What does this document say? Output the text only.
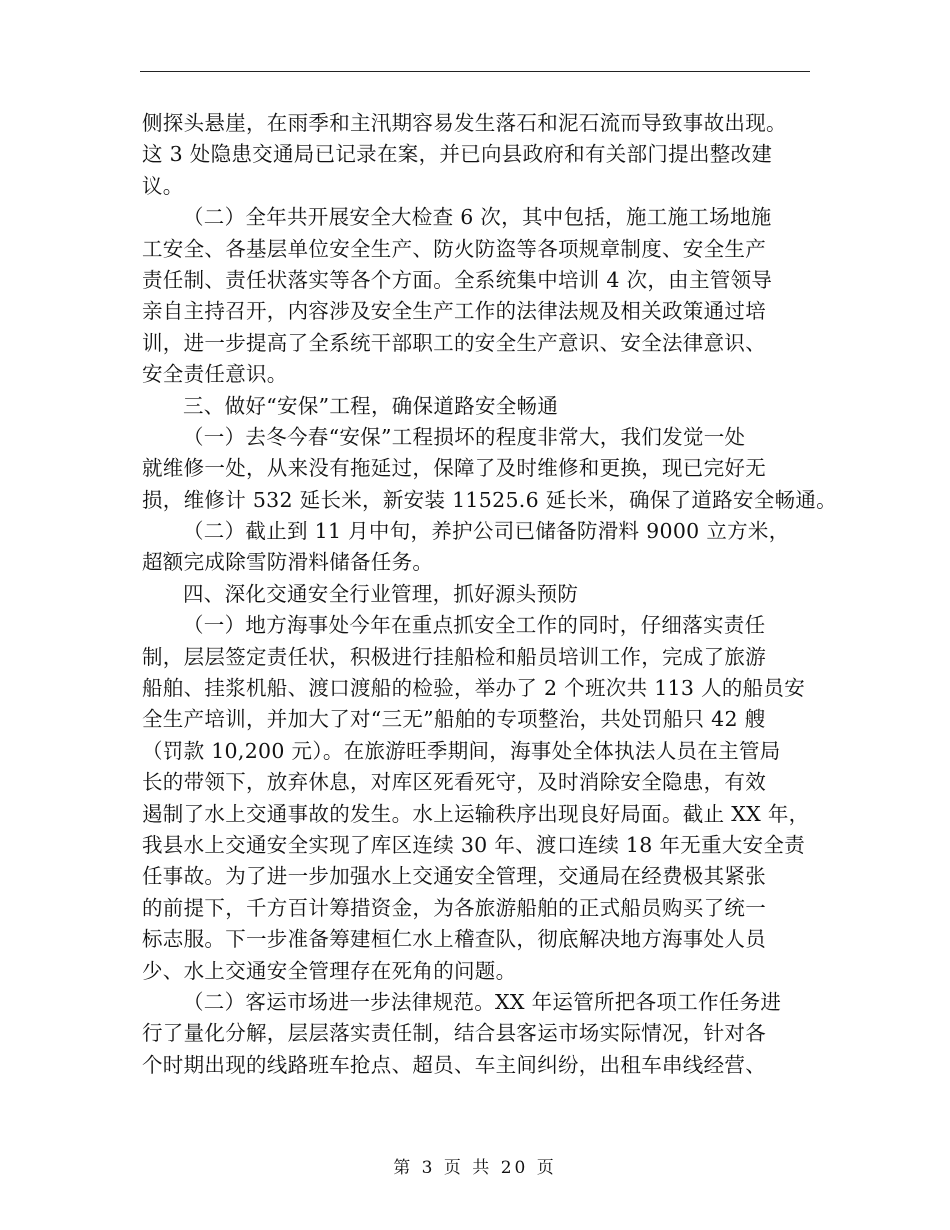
侧探头悬崖，在雨季和主汛期容易发生落石和泥石流而导致事故出现。
这 3 处隐患交通局已记录在案，并已向县政府和有关部门提出整改建
议。
（二）全年共开展安全大检查 6 次，其中包括，施工施工场地施
工安全、各基层单位安全生产、防火防盗等各项规章制度、安全生产
责任制、责任状落实等各个方面。全系统集中培训 4 次，由主管领导
亲自主持召开，内容涉及安全生产工作的法律法规及相关政策通过培
训，进一步提高了全系统干部职工的安全生产意识、安全法律意识、
安全责任意识。
三、做好“安保”工程，确保道路安全畅通
（一）去冬今春“安保”工程损坏的程度非常大，我们发觉一处
就维修一处，从来没有拖延过，保障了及时维修和更换，现已完好无
损，维修计 532 延长米，新安装 11525.6 延长米，确保了道路安全畅通。
（二）截止到 11 月中旬，养护公司已储备防滑料 9000 立方米，
超额完成除雪防滑料储备任务。
四、深化交通安全行业管理，抓好源头预防
（一）地方海事处今年在重点抓安全工作的同时，仔细落实责任
制，层层签定责任状，积极进行挂船检和船员培训工作，完成了旅游
船舶、挂浆机船、渡口渡船的检验，举办了 2 个班次共 113 人的船员安
全生产培训，并加大了对“三无”船舶的专项整治，共处罚船只 42 艘
（罚款 10,200 元）。在旅游旺季期间，海事处全体执法人员在主管局
长的带领下，放弃休息，对库区死看死守，及时消除安全隐患，有效
遏制了水上交通事故的发生。水上运输秩序出现良好局面。截止 XX 年，
我县水上交通安全实现了库区连续 30 年、渡口连续 18 年无重大安全责
任事故。为了进一步加强水上交通安全管理，交通局在经费极其紧张
的前提下，千方百计筹措资金，为各旅游船舶的正式船员购买了统一
标志服。下一步准备筹建桓仁水上稽查队，彻底解决地方海事处人员
少、水上交通安全管理存在死角的问题。
（二）客运市场进一步法律规范。XX 年运管所把各项工作任务进
行了量化分解，层层落实责任制，结合县客运市场实际情况，针对各
个时期出现的线路班车抢点、超员、车主间纠纷，出租车串线经营、
第 3 页 共 20 页
